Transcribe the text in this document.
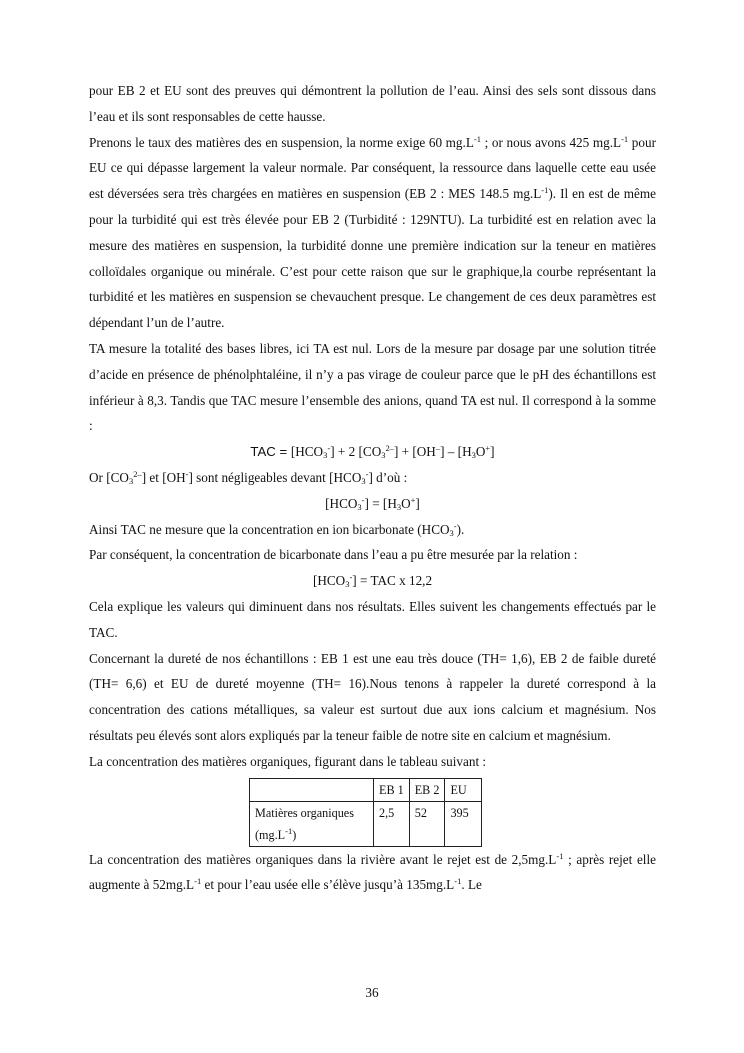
pour EB 2 et EU sont des preuves qui démontrent la pollution de l’eau. Ainsi des sels sont dissous dans l’eau et ils sont responsables de cette hausse.

Prenons le taux des matières des en suspension, la norme exige 60 $mg.L^{-1}$ ; or nous avons 425 $mg.L^{-1}$ pour EU ce qui dépasse largement la valeur normale. Par conséquent, la ressource dans laquelle cette eau usée est déversées sera très chargées en matières en suspension (EB 2 : MES 148.5 $mg.L^{-1}$). Il en est de même pour la turbidité qui est très élevée pour EB 2 (Turbidité : 129NTU). La turbidité est en relation avec la mesure des matières en suspension, la turbidité donne une première indication sur la teneur en matières colloïdales organique ou minérale. C’est pour cette raison que sur le graphique,la courbe représentant la turbidité et les matières en suspension se chevauchent presque. Le changement de ces deux paramètres est dépendant l’un de l’autre.

TA mesure la totalité des bases libres, ici TA est nul. Lors de la mesure par dosage par une solution titrée d’acide en présence de phénolphtaléine, il n’y a pas virage de couleur parce que le pH des échantillons est inférieur à 8,3. Tandis que TAC mesure l’ensemble des anions, quand TA est nul. Il correspond à la somme :

TAC = $[HCO_3^-] + 2$ $[CO_3^{2-}] + [OH^-] - [H_3O^+]$

Or $[CO_3^{2-}]$ et [OH-] sont négligeables devant $[HCO_3^-]$ d’où :

$[HCO_3^-] = [H_3O^+]$

Ainsi TAC ne mesure que la concentration en ion bicarbonate $(HCO_3^-)$.

Par conséquent, la concentration de bicarbonate dans l’eau a pu être mesurée par la relation :

$[HCO_3^-]$ = TAC x 12,2

Cela explique les valeurs qui diminuent dans nos résultats. Elles suivent les changements effectués par le TAC.

Concernant la dureté de nos échantillons : EB 1 est une eau très douce (TH= 1,6), EB 2 de faible dureté (TH= 6,6) et EU de dureté moyenne (TH= 16).Nous tenons à rappeler la dureté correspond à la concentration des cations métalliques, sa valeur est surtout due aux ions calcium et magnésium. Nos résultats peu élevés sont alors expliqués par la teneur faible de notre site en calcium et magnésium.

La concentration des matières organiques, figurant dans le tableau suivant :

	EB 1	EB 2	EU
Matières organiques
$(mg.L^{-1})$	2,5	52	395

La concentration des matières organiques dans la rivière avant le rejet est de $2,5mg.L^{-1}$ ; après rejet elle augmente à $52mg.L^{-1}$ et pour l’eau usée elle s’élève jusqu’à $135mg.L^{-1}$. Le

36
